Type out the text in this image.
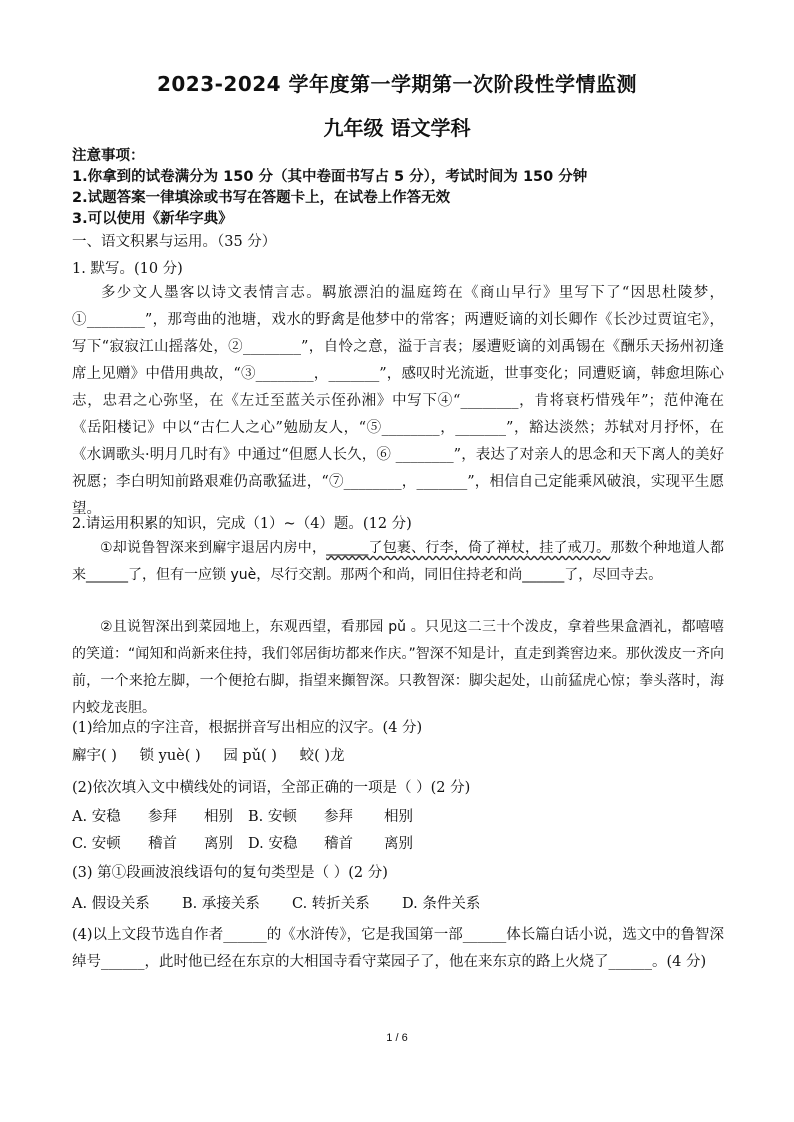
2023-2024 学年度第一学期第一次阶段性学情监测
九年级 语文学科
注意事项：
1.你拿到的试卷满分为 150 分（其中卷面书写占 5 分），考试时间为 150 分钟
2.试题答案一律填涂或书写在答题卡上，在试卷上作答无效
3.可以使用《新华字典》
一、语文积累与运用。（35 分）
1. 默写。(10 分)
多少文人墨客以诗文表情言志。羁旅漂泊的温庭筠在《商山早行》里写下了“因思杜陵梦，①________”，那弯曲的池塘，戏水的野禽是他梦中的常客；两遭贬谪的刘长卿作《长沙过贾谊宅》，写下“寂寂江山摇落处，②________”，自怜之意，溢于言表；屡遭贬谪的刘禹锡在《酬乐天扬州初逢席上见赠》中借用典故，“③________，_______”，感叹时光流逝，世事变化；同遭贬谪，韩愈坦陈心志，忠君之心弥坚，在《左迁至蓝关示侄孙湘》中写下④“________，肯将衰朽惜残年”；范仲淹在《岳阳楼记》中以“古仁人之心”勉励友人，“⑤________，_______”，豁达淡然；苏轼对月抒怀，在《水调歌头·明月几时有》中通过“但愿人长久，⑥ ________”，表达了对亲人的思念和天下离人的美好祝愿；李白明知前路艰难仍高歌猛进，“⑦________，_______”，相信自己定能乘风破浪，实现平生愿望。
2.请运用积累的知识，完成（1）~（4）题。(12 分)
①却说鲁智深来到廨宇退居内房中，______了包裹、行李，倚了禅杖，挂了戒刀。那数个种地道人都来______了，但有一应锁 yuè，尽行交割。那两个和尚，同旧住持老和尚______了，尽回寺去。
②且说智深出到菜园地上，东观西望，看那园 pǔ 。只见这二三十个泼皮，拿着些果盒酒礼，都嘻嘻的笑道：“闻知和尚新来住持，我们邻居街坊都来作庆。”智深不知是计，直走到粪窖边来。那伙泼皮一齐向前，一个来抢左脚，一个便抢右脚，指望来攧智深。只教智深：脚尖起处，山前猛虎心惊；拳头落时，海内蛟龙丧胆。
(1)给加点的字注音，根据拼音写出相应的汉字。(4 分)
廨宇( ) 锁 yuè( ) 园 pǔ( ) 蛟( )龙
(2)依次填入文中横线处的词语，全部正确的一项是（ ）(2 分)
A. 安稳 参拜 相别 B. 安顿 参拜 相别
C. 安顿 稽首 离别 D. 安稳 稽首 离别
(3) 第①段画波浪线语句的复句类型是（ ）(2 分)
A. 假设关系 B. 承接关系 C. 转折关系 D. 条件关系
(4)以上文段节选自作者______的《水浒传》，它是我国第一部______体长篇白话小说，选文中的鲁智深绰号______，此时他已经在东京的大相国寺看守菜园子了，他在来东京的路上火烧了______。(4 分)
1 / 6
